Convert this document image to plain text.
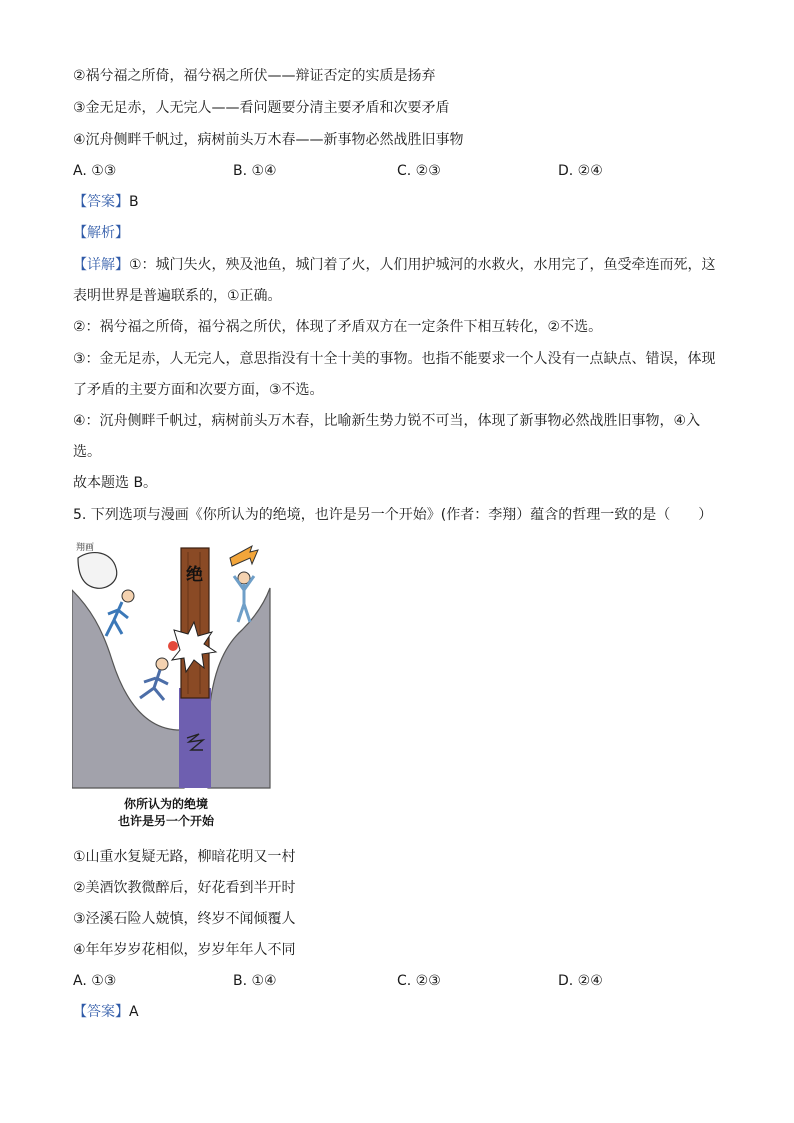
②祸兮福之所倚，福兮祸之所伏——辩证否定的实质是扬弃
③金无足赤，人无完人——看问题要分清主要矛盾和次要矛盾
④沉舟侧畔千帆过，病树前头万木春——新事物必然战胜旧事物
A. ①③	B. ①④	C. ②③	D. ②④
【答案】B
【解析】
【详解】①：城门失火，殃及池鱼，城门着了火，人们用护城河的水救火，水用完了，鱼受牵连而死，这
表明世界是普遍联系的，①正确。
②：祸兮福之所倚，福兮祸之所伏，体现了矛盾双方在一定条件下相互转化，②不选。
③：金无足赤，人无完人，意思指没有十全十美的事物。也指不能要求一个人没有一点缺点、错误，体现
了矛盾的主要方面和次要方面，③不选。
④：沉舟侧畔千帆过，病树前头万木春，比喻新生势力锐不可当，体现了新事物必然战胜旧事物，④入
选。
故本题选 B。
5. 下列选项与漫画《你所认为的绝境，也许是另一个开始》(作者：李翔）蕴含的哲理一致的是（　　）
翔画
绝
你所认为的绝境
也许是另一个开始
①山重水复疑无路，柳暗花明又一村
②美酒饮教微醉后，好花看到半开时
③泾溪石险人兢慎，终岁不闻倾覆人
④年年岁岁花相似，岁岁年年人不同
A. ①③	B. ①④	C. ②③	D. ②④
【答案】A
